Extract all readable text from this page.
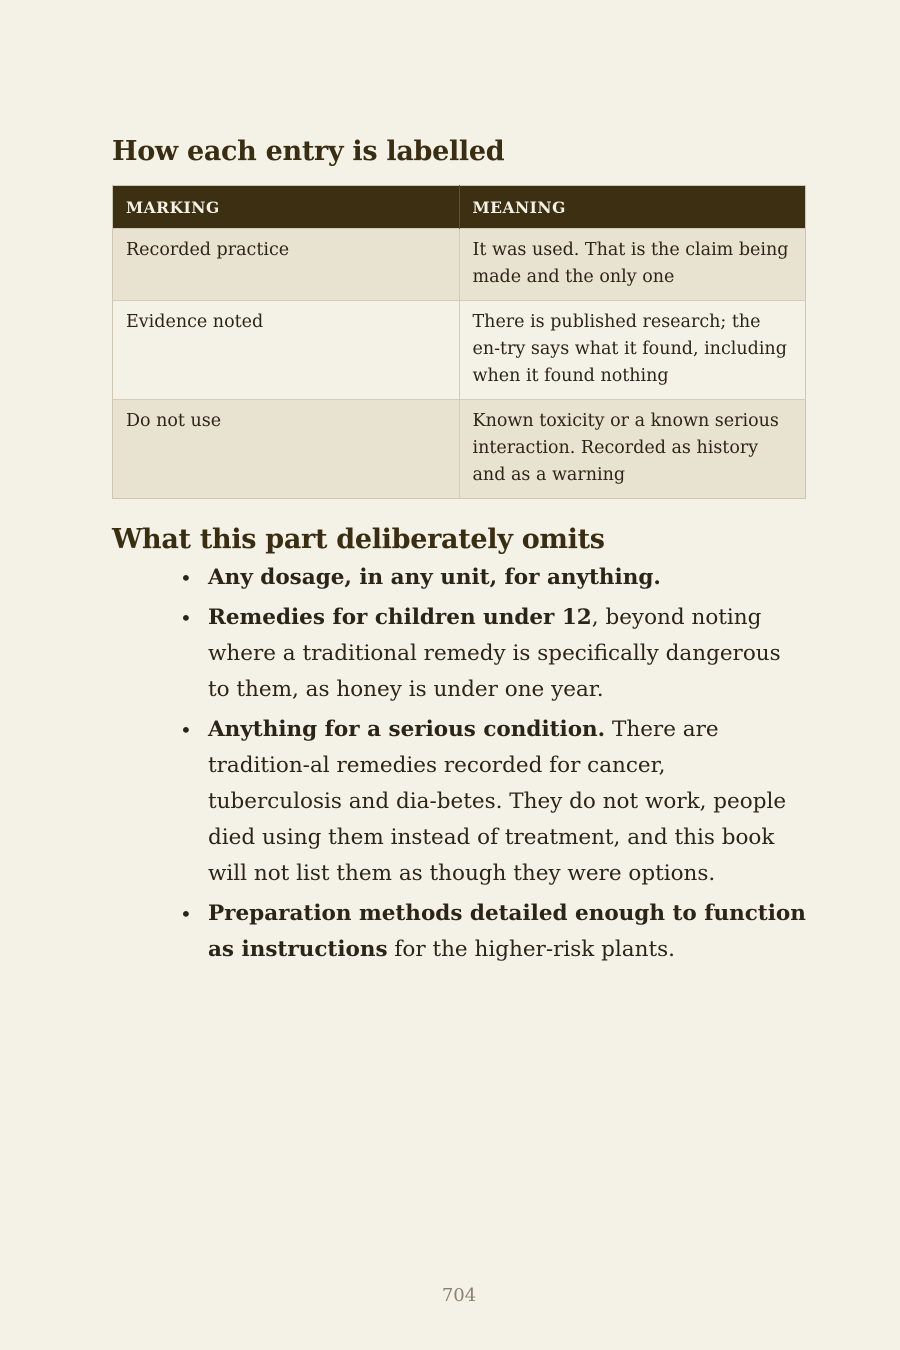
How each entry is labelled
MARKING	MEANING
Recorded practice	It was used. That is the claim being made and the only one
Evidence noted	There is published research; the en-try says what it found, including when it found nothing
Do not use	Known toxicity or a known serious interaction. Recorded as history and as a warning
What this part deliberately omits
• Any dosage, in any unit, for anything.
• Remedies for children under 12, beyond noting where a traditional remedy is specifically dangerous to them, as honey is under one year.
• Anything for a serious condition. There are tradition-al remedies recorded for cancer, tuberculosis and dia-betes. They do not work, people died using them instead of treatment, and this book will not list them as though they were options.
• Preparation methods detailed enough to function as instructions for the higher-risk plants.
704
